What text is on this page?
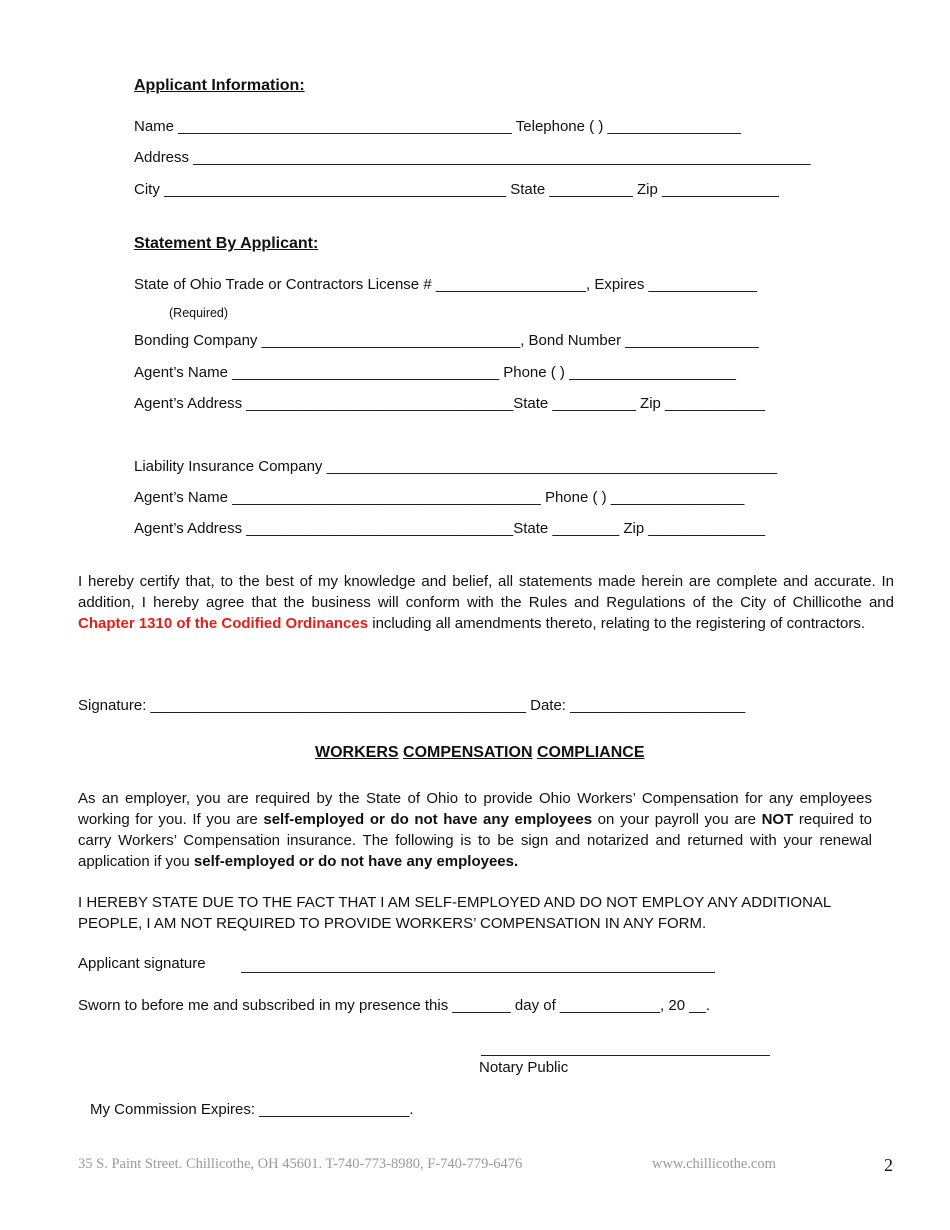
Applicant Information:
Name ________________________________________ Telephone ( ) ________________
Address __________________________________________________________________________
City _________________________________________ State __________ Zip ______________
Statement By Applicant:
State of Ohio Trade or Contractors License # __________________, Expires _____________
(Required)
Bonding Company _______________________________, Bond Number ________________
Agent’s Name ________________________________ Phone ( ) ____________________
Agent’s Address ________________________________State __________ Zip ____________
Liability Insurance Company ______________________________________________________
Agent’s Name _____________________________________ Phone ( ) ________________
Agent’s Address ________________________________State ________ Zip ______________
I hereby certify that, to the best of my knowledge and belief, all statements made herein are complete and accurate. In addition, I hereby agree that the business will conform with the Rules and Regulations of the City of Chillicothe and Chapter 1310 of the Codified Ordinances including all amendments thereto, relating to the registering of contractors.
Signature: _____________________________________________ Date: _____________________
WORKERS COMPENSATION COMPLIANCE
As an employer, you are required by the State of Ohio to provide Ohio Workers’ Compensation for any employees working for you. If you are self-employed or do not have any employees on your payroll you are NOT required to carry Workers’ Compensation insurance. The following is to be sign and notarized and returned with your renewal application if you self-employed or do not have any employees.
I HEREBY STATE DUE TO THE FACT THAT I AM SELF-EMPLOYED AND DO NOT EMPLOY ANY ADDITIONAL PEOPLE, I AM NOT REQUIRED TO PROVIDE WORKERS’ COMPENSATION IN ANY FORM.
Applicant signature
Sworn to before me and subscribed in my presence this _______ day of ____________, 20 __.
Notary Public
My Commission Expires: __________________.
35 S. Paint Street. Chillicothe, OH 45601. T-740-773-8980, F-740-779-6476	www.chillicothe.com	2
